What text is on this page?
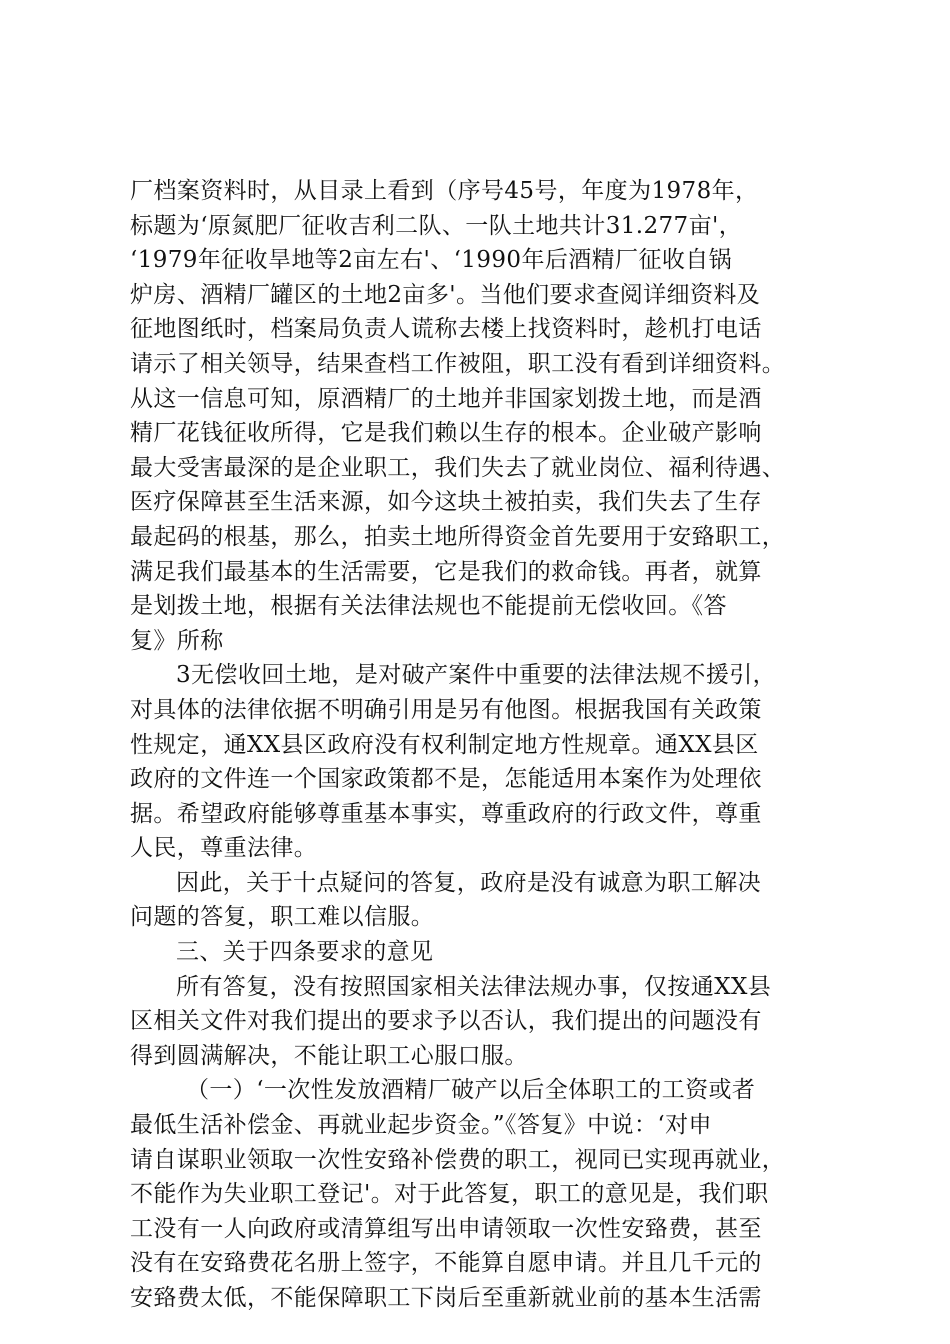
厂档案资料时，从目录上看到（序号45号，年度为1978年，
标题为‘原氮肥厂征收吉利二队、一队土地共计31.277亩'，
‘1979年征收旱地等2亩左右'、‘1990年后酒精厂征收自锅
炉房、酒精厂罐区的土地2亩多'。当他们要求查阅详细资料及
征地图纸时，档案局负责人谎称去楼上找资料时，趁机打电话
请示了相关领导，结果查档工作被阻，职工没有看到详细资料。
从这一信息可知，原酒精厂的土地并非国家划拨土地，而是酒
精厂花钱征收所得，它是我们赖以生存的根本。企业破产影响
最大受害最深的是企业职工，我们失去了就业岗位、福利待遇、
医疗保障甚至生活来源，如今这块土被拍卖，我们失去了生存
最起码的根基，那么，拍卖土地所得资金首先要用于安臵职工，
满足我们最基本的生活需要，它是我们的救命钱。再者，就算
是划拨土地，根据有关法律法规也不能提前无偿收回。《答
复》所称

3无偿收回土地，是对破产案件中重要的法律法规不援引，
对具体的法律依据不明确引用是另有他图。根据我国有关政策
性规定，通XX县区政府没有权利制定地方性规章。通XX县区
政府的文件连一个国家政策都不是，怎能适用本案作为处理依
据。希望政府能够尊重基本事实，尊重政府的行政文件，尊重
人民，尊重法律。

因此，关于十点疑问的答复，政府是没有诚意为职工解决
问题的答复，职工难以信服。

三、关于四条要求的意见

所有答复，没有按照国家相关法律法规办事，仅按通XX县
区相关文件对我们提出的要求予以否认，我们提出的问题没有
得到圆满解决，不能让职工心服口服。

（一）‘一次性发放酒精厂破产以后全体职工的工资或者
最低生活补偿金、再就业起步资金。”《答复》中说：‘对申
请自谋职业领取一次性安臵补偿费的职工，视同已实现再就业，
不能作为失业职工登记'。对于此答复，职工的意见是，我们职
工没有一人向政府或清算组写出申请领取一次性安臵费，甚至
没有在安臵费花名册上签字，不能算自愿申请。并且几千元的
安臵费太低，不能保障职工下岗后至重新就业前的基本生活需
